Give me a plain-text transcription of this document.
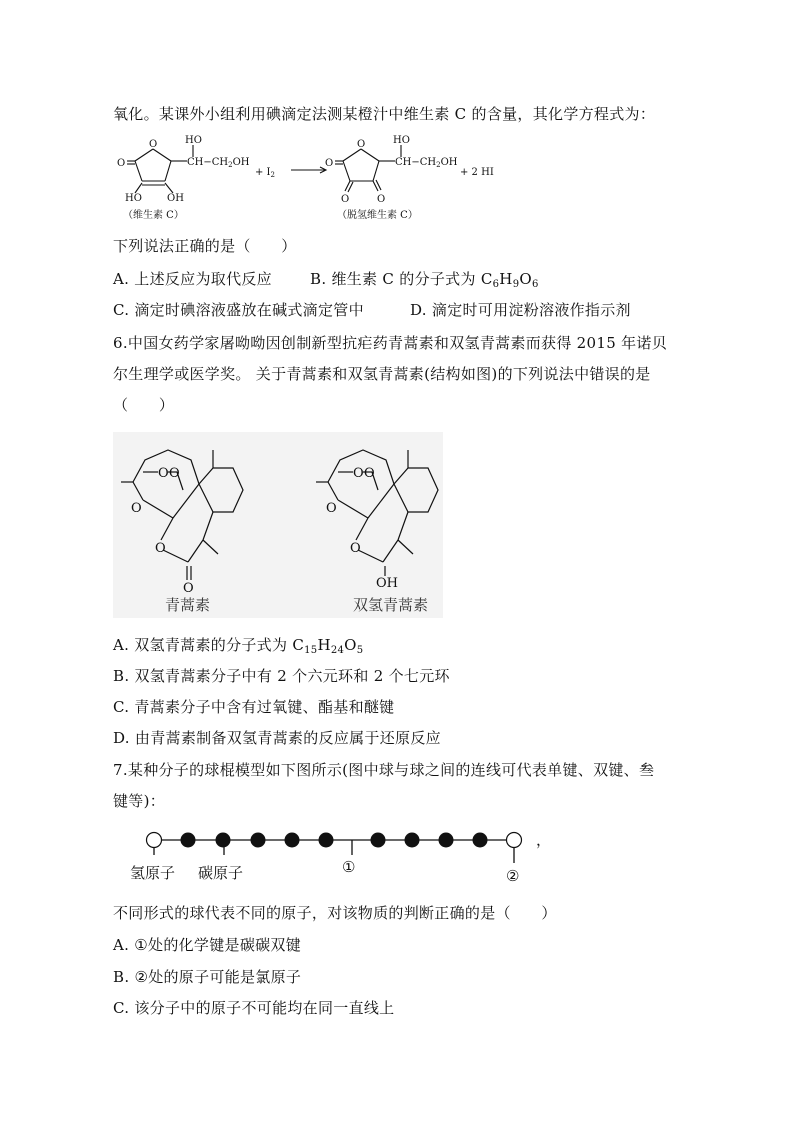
氧化。某课外小组利用碘滴定法测某橙汁中维生素 C 的含量，其化学方程式为：
O
O
HO	OH
HO
$CH-CH_2OH$
+ $I_2$
O
O
O	O
HO
$CH-CH_2OH$
+ 2 HI
（维生素 C）	（脱氢维生素 C）
下列说法正确的是（　　）
A. 上述反应为取代反应	B. 维生素 C 的分子式为 $C_6H_9O_6$
C. 滴定时碘溶液盛放在碱式滴定管中	D. 滴定时可用淀粉溶液作指示剂
6.中国女药学家屠呦呦因创制新型抗疟药青蒿素和双氢青蒿素而获得 2015 年诺贝
尔生理学或医学奖。 关于青蒿素和双氢青蒿素(结构如图)的下列说法中错误的是
（　　）
O O
O
O
O
O O
O
O
OH
青蒿素	双氢青蒿素
A. 双氢青蒿素的分子式为 $C_{15}H_{24}O_5$
B. 双氢青蒿素分子中有 2 个六元环和 2 个七元环
C. 青蒿素分子中含有过氧键、酯基和醚键
D. 由青蒿素制备双氢青蒿素的反应属于还原反应
7.某种分子的球棍模型如下图所示(图中球与球之间的连线可代表单键、双键、叁
键等)：
氢原子 碳原子	①	②
，
不同形式的球代表不同的原子，对该物质的判断正确的是（　　）
A. ①处的化学键是碳碳双键
B. ②处的原子可能是氯原子
C. 该分子中的原子不可能均在同一直线上
